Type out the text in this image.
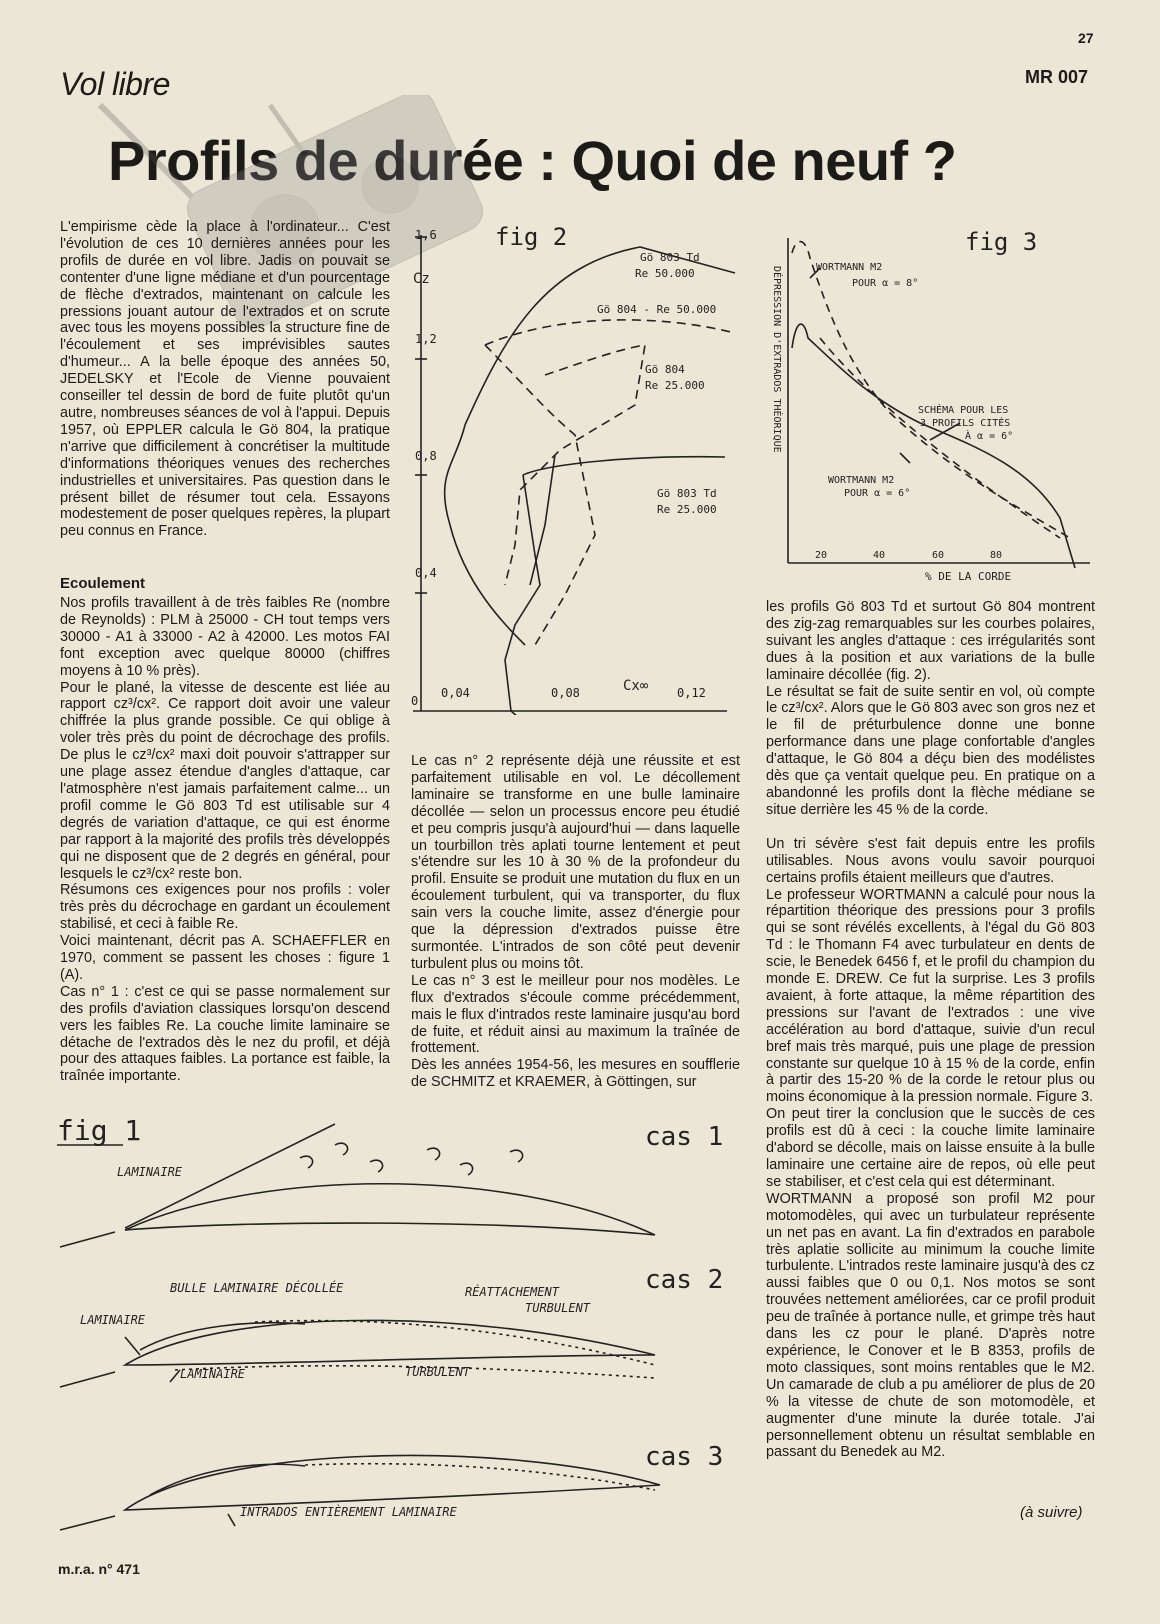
27
Vol libre	MR 007
Profils de durée : Quoi de neuf ?
L'empirisme cède la place à l'ordinateur... C'est l'évolution de ces 10 dernières années pour les profils de durée en vol libre. Jadis on pouvait se contenter d'une ligne médiane et d'un pourcentage de flèche d'extrados, maintenant on calcule les pressions jouant autour de l'extrados et on scrute avec tous les moyens possibles la structure fine de l'écoulement et ses imprévisibles sautes d'humeur... A la belle époque des années 50, JEDELSKY et l'Ecole de Vienne pouvaient conseiller tel dessin de bord de fuite plutôt qu'un autre, nombreuses séances de vol à l'appui. Depuis 1957, où EPPLER calcula le Gö 804, la pratique n'arrive que difficilement à concrétiser la multitude d'informations théoriques venues des recherches industrielles et universitaires. Pas question dans le présent billet de résumer tout cela. Essayons modestement de poser quelques repères, la plupart peu connus en France.
Ecoulement

Nos profils travaillent à de très faibles Re (nombre de Reynolds) : PLM à 25000 - CH tout temps vers 30000 - A1 à 33000 - A2 à 42000. Les motos FAI font exception avec quelque 80000 (chiffres moyens à 10 % près).

Pour le plané, la vitesse de descente est liée au rapport cz³/cx². Ce rapport doit avoir une valeur chiffrée la plus grande possible. Ce qui oblige à voler très près du point de décrochage des profils. De plus le cz³/cx² maxi doit pouvoir s'attrapper sur une plage assez étendue d'angles d'attaque, car l'atmosphère n'est jamais parfaitement calme... un profil comme le Gö 803 Td est utilisable sur 4 degrés de variation d'attaque, ce qui est énorme par rapport à la majorité des profils très développés qui ne disposent que de 2 degrés en général, pour lesquels le cz³/cx² reste bon.

Résumons ces exigences pour nos profils : voler très près du décrochage en gardant un écoulement stabilisé, et ceci à faible Re.

Voici maintenant, décrit pas A. SCHAEFFLER en 1970, comment se passent les choses : figure 1 (A).

Cas n° 1 : c'est ce qui se passe normalement sur des profils d'aviation classiques lorsqu'on descend vers les faibles Re. La couche limite laminaire se détache de l'extrados dès le nez du profil, et déjà pour des attaques faibles. La portance est faible, la traînée importante.

Le cas n° 2 représente déjà une réussite et est parfaitement utilisable en vol. Le décollement laminaire se transforme en une bulle laminaire décollée — selon un processus encore peu étudié et peu compris jusqu'à aujourd'hui — dans laquelle un tourbillon très aplati tourne lentement et peut s'étendre sur les 10 à 30 % de la profondeur du profil. Ensuite se produit une mutation du flux en un écoulement turbulent, qui va transporter, du flux sain vers la couche limite, assez d'énergie pour que la dépression d'extrados puisse être surmontée. L'intrados de son côté peut devenir turbulent plus ou moins tôt.

Le cas n° 3 est le meilleur pour nos modèles. Le flux d'extrados s'écoule comme précédemment, mais le flux d'intrados reste laminaire jusqu'au bord de fuite, et réduit ainsi au maximum la traînée de frottement.

Dès les années 1954-56, les mesures en soufflerie de SCHMITZ et KRAEMER, à Göttingen, sur

les profils Gö 803 Td et surtout Gö 804 montrent des zig-zag remarquables sur les courbes polaires, suivant les angles d'attaque : ces irrégularités sont dues à la position et aux variations de la bulle laminaire décollée (fig. 2).

Le résultat se fait de suite sentir en vol, où compte le cz³/cx². Alors que le Gö 803 avec son gros nez et le fil de préturbulence donne une bonne performance dans une plage confortable d'angles d'attaque, le Gö 804 a déçu bien des modélistes dès que ça ventait quelque peu. En pratique on a abandonné les profils dont la flèche médiane se situe derrière les 45 % de la corde.

Un tri sévère s'est fait depuis entre les profils utilisables. Nous avons voulu savoir pourquoi certains profils étaient meilleurs que d'autres.

Le professeur WORTMANN a calculé pour nous la répartition théorique des pressions pour 3 profils qui se sont révélés excellents, à l'égal du Gö 803 Td : le Thomann F4 avec turbulateur en dents de scie, le Benedek 6456 f, et le profil du champion du monde E. DREW. Ce fut la surprise. Les 3 profils avaient, à forte attaque, la même répartition des pressions sur l'avant de l'extrados : une vive accélération au bord d'attaque, suivie d'un recul bref mais très marqué, puis une plage de pression constante sur quelque 10 à 15 % de la corde, enfin à partir des 15-20 % de la corde le retour plus ou moins économique à la pression normale. Figure 3.

On peut tirer la conclusion que le succès de ces profils est dû à ceci : la couche limite laminaire d'abord se décolle, mais on laisse ensuite à la bulle laminaire une certaine aire de repos, où elle peut se stabiliser, et c'est cela qui est déterminant.

WORTMANN a proposé son profil M2 pour motomodèles, qui avec un turbulateur représente un net pas en avant. La fin d'extrados en parabole très aplatie sollicite au minimum la couche limite turbulente. L'intrados reste laminaire jusqu'à des cz aussi faibles que 0 ou 0,1. Nos motos se sont trouvées nettement améliorées, car ce profil produit peu de traînée à portance nulle, et grimpe très haut dans les cz pour le plané. D'après notre expérience, le Conover et le B 8353, profils de moto classiques, sont moins rentables que le M2. Un camarade de club a pu améliorer de plus de 20 % la vitesse de chute de son motomodèle, et augmenter d'une minute la durée totale. J'ai personnellement obtenu un résultat semblable en passant du Benedek au M2.

(à suivre)
fig 2
Cz
Cx∞
1,6
1,2
0,8
0,4
0
0,04	0,08	0,12
Gö 803 Td
Re 50.000
Gö 804 - Re 50.000
Gö 804
Re 25.000
Gö 803 Td
Re 25.000
fig 3
DÉPRESSION D'EXTRADOS THÉORIQUE
% DE LA CORDE
20	40	60	80
WORTMANN M2
POUR α = 8°
SCHÉMA POUR LES
3 PROFILS CITÉS
À α = 6°
WORTMANN M2
POUR α = 6°
fig 1	cas 1
cas 2
cas 3
LAMINAIRE
BULLE LAMINAIRE DÉCOLLÉE	RÉATTACHEMENT
TURBULENT
LAMINAIRE
LAMINAIRE	TURBULENT
INTRADOS ENTIÈREMENT LAMINAIRE
m.r.a. n° 471
